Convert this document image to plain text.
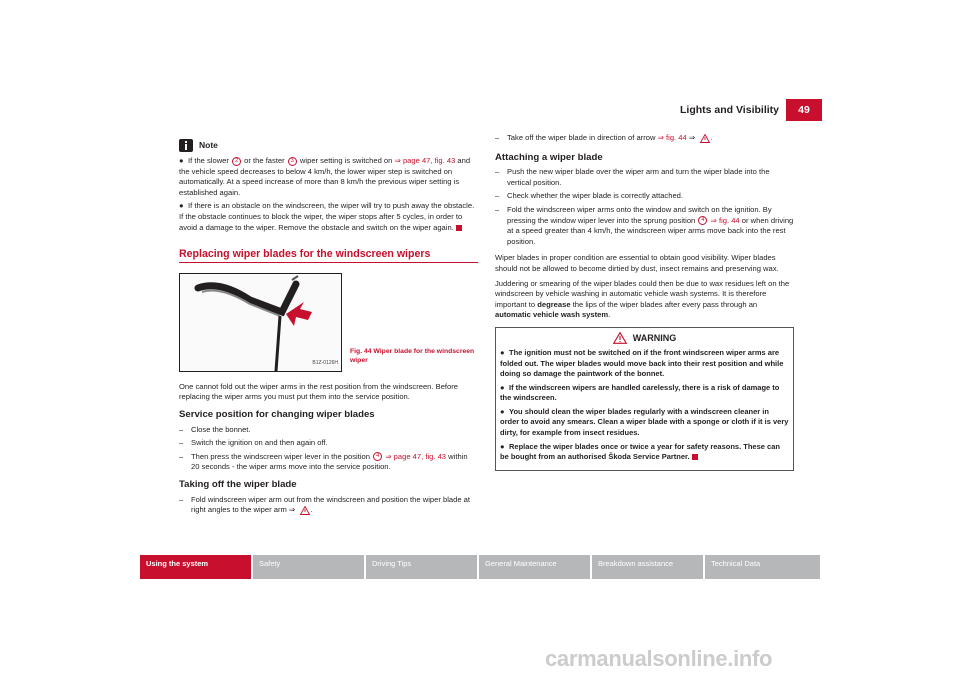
Lights and Visibility	49
Note
● If the slower 2 or the faster 3 wiper setting is switched on ⇒ page 47, fig. 43 and the vehicle speed decreases to below 4 km/h, the lower wiper step is switched on automatically. At a speed increase of more than 8 km/h the previous wiper setting is established again.
● If there is an obstacle on the windscreen, the wiper will try to push away the obstacle. If the obstacle continues to block the wiper, the wiper stops after 5 cycles, in order to avoid a damage to the wiper. Remove the obstacle and switch on the wiper again.
Replacing wiper blades for the windscreen wipers
B1Z-0126H
Fig. 44 Wiper blade for the windscreen
wiper

One cannot fold out the wiper arms in the rest position from the windscreen. Before replacing the wiper arms you must put them into the service position.

Service position for changing wiper blades
–	Close the bonnet.
–	Switch the ignition on and then again off.
–	Then press the windscreen wiper lever in the position 4 ⇒ page 47, fig. 43 within 20 seconds - the wiper arms move into the service position.
Taking off the wiper blade
–	Fold windscreen wiper arm out from the windscreen and position the wiper blade at right angles to the wiper arm ⇒ .
–	Take off the wiper blade in direction of arrow ⇒ fig. 44 ⇒ .
Attaching a wiper blade
–	Push the new wiper blade over the wiper arm and turn the wiper blade into the vertical position.
–	Check whether the wiper blade is correctly attached.
–	Fold the windscreen wiper arms onto the window and switch on the ignition. By pressing the window wiper lever into the sprung position 4 ⇒ fig. 44 or when driving at a speed greater than 4 km/h, the windscreen wiper arms move back into the rest position.

Wiper blades in proper condition are essential to obtain good visibility. Wiper blades should not be allowed to become dirtied by dust, insect remains and preserving wax.

Juddering or smearing of the wiper blades could then be due to wax residues left on the windscreen by vehicle washing in automatic vehicle wash systems. It is therefore important to degrease the lips of the wiper blades after every pass through an automatic vehicle wash system.

WARNING
● The ignition must not be switched on if the front windscreen wiper arms are folded out. The wiper blades would move back into their rest position and while doing so damage the paintwork of the bonnet.
● If the windscreen wipers are handled carelessly, there is a risk of damage to the windscreen.
● You should clean the wiper blades regularly with a windscreen cleaner in order to avoid any smears. Clean a wiper blade with a sponge or cloth if it is very dirty, for example from insect residues.
● Replace the wiper blades once or twice a year for safety reasons. These can be bought from an authorised Škoda Service Partner.
Using the system	Safety	Driving Tips	General Maintenance	Breakdown assistance	Technical Data
carmanualsonline.info
